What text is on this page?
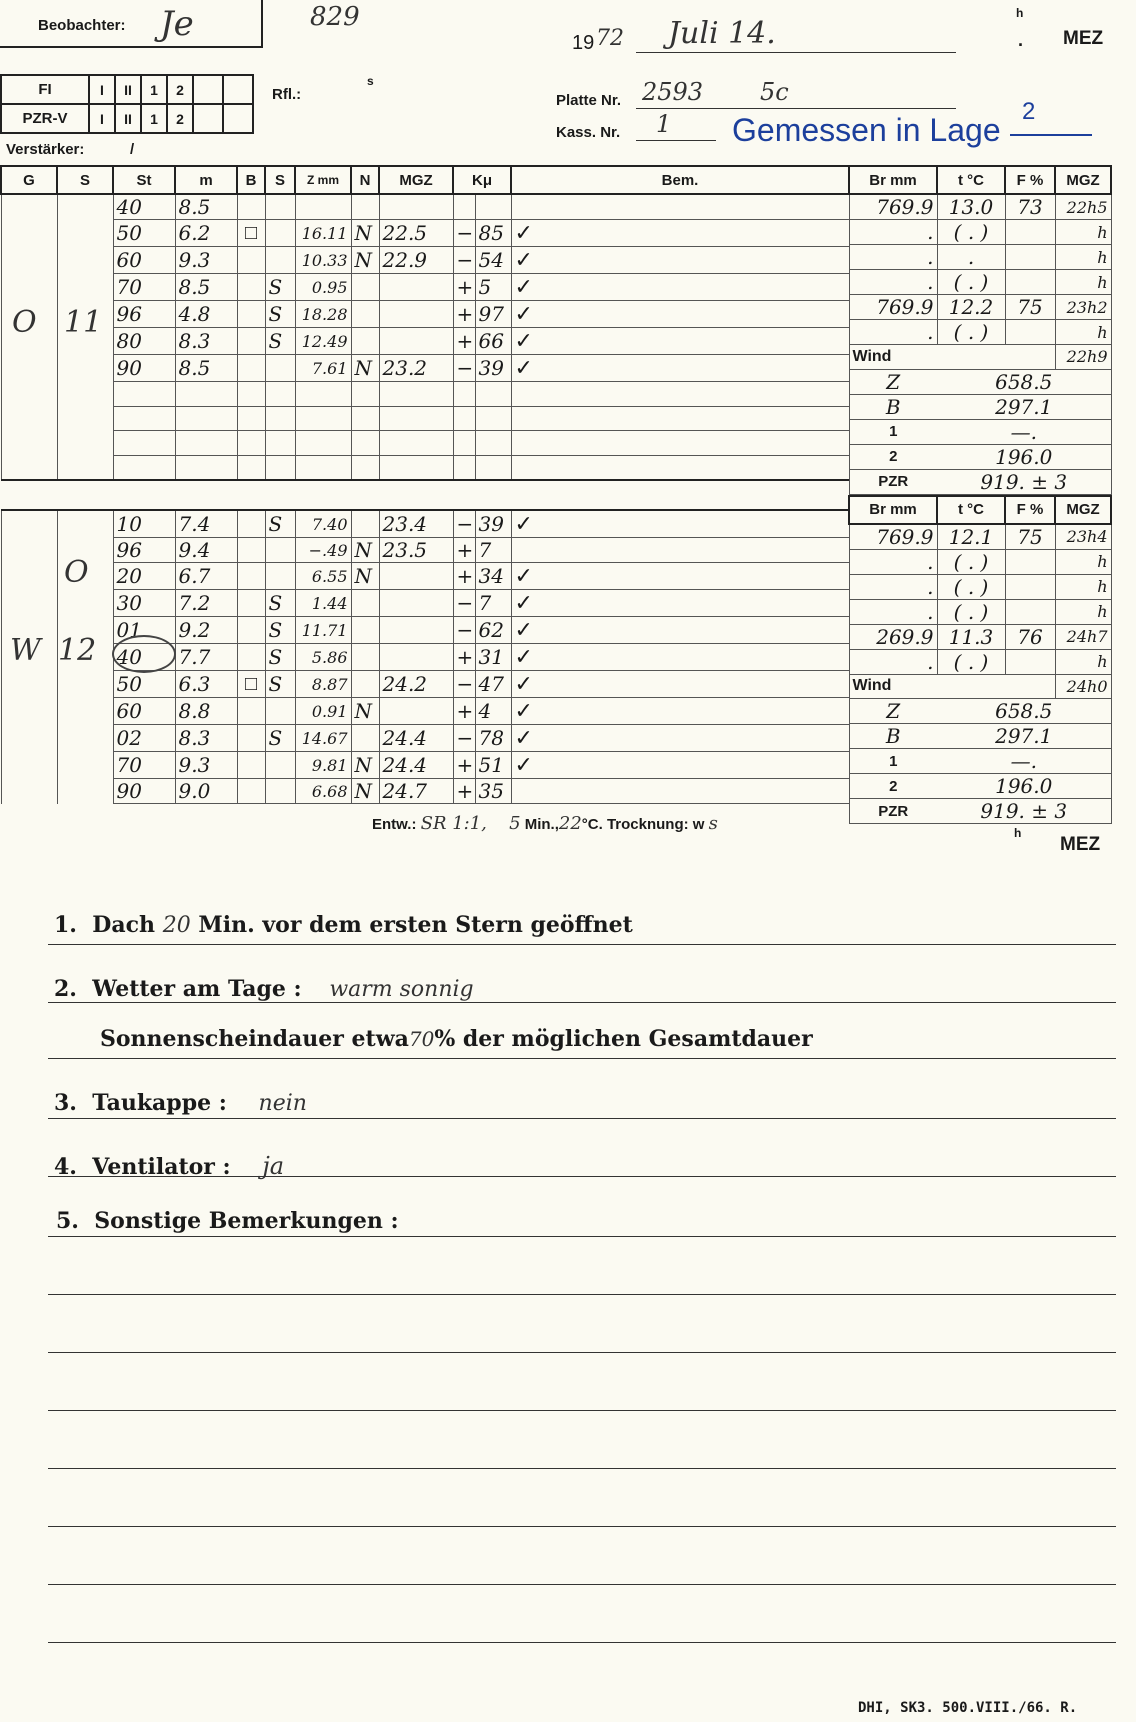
Beobachter: Je	829
19 72 Juli 14.
h
. MEZ
FI	I	II	1	2		
PZR-V	I	II	1	2		
Rfl.:
s
Platte Nr. 2593 5c
Kass. Nr. 1 Gemessen in Lage
2
Verstärker:	/
G	S	St	m	B	S	Z mm	N	MGZ	Kμ		Bem.
		40	8.5								
		50	6.2	□		16.11	N	22.5	−	85	✓
		60	9.3			10.33	N	22.9	−	54	✓
		70	8.5		S	0.95			+	5	✓
		96	4.8		S	18.28			+	97	✓
		80	8.3		S	12.49			+	66	✓
		90	8.5			7.61	N	23.2	−	39	✓

		10	7.4		S	7.40		23.4	−	39	✓
		96	9.4			−.49	N	23.5	+	7	
		20	6.7			6.55	N		+	34	✓
		30	7.2		S	1.44			−	7	✓
		01	9.2		S	11.71			−	62	✓
		40	7.7		S	5.86			+	31	✓
		50	6.3	□	S	8.87		24.2	−	47	✓
		60	8.8			0.91	N		+	4	✓
		02	8.3		S	14.67		24.4	−	78	✓
		70	9.3			9.81	N	24.4	+	51	✓
		90	9.0			6.68	N	24.7	+	35	
O 11
O
W 12
Entw.: SR 1:1, 5 Min.,22°C. Trocknung: w s
Br mm	t °C	F %	MGZ
769.9	13.0	73	22h5
.	( . )		h
.	.		h
.	( . )		h
769.9	12.2	75	23h2
.	( . )		h
Wind			22h9
Z	658.5		
B	297.1		
1	—.		
2	196.0		
PZR	919. ± 3		
Br mm	t °C	F %	MGZ
769.9	12.1	75	23h4
.	( . )		h
.	( . )		h
.	( . )		h
269.9	11.3	76	24h7
.	( . )		h
Wind			24h0
Z	658.5		
B	297.1		
1	—.		
2	196.0		
PZR	919. ± 3		
h
MEZ
1. Dach 20 Min. vor dem ersten Stern geöffnet
2. Wetter am Tage : warm sonnig
Sonnenscheindauer etwa70% der möglichen Gesamtdauer
3. Taukappe : nein
4. Ventilator : ja
5. Sonstige Bemerkungen :
DHI, SK3. 500.VIII./66. R.
